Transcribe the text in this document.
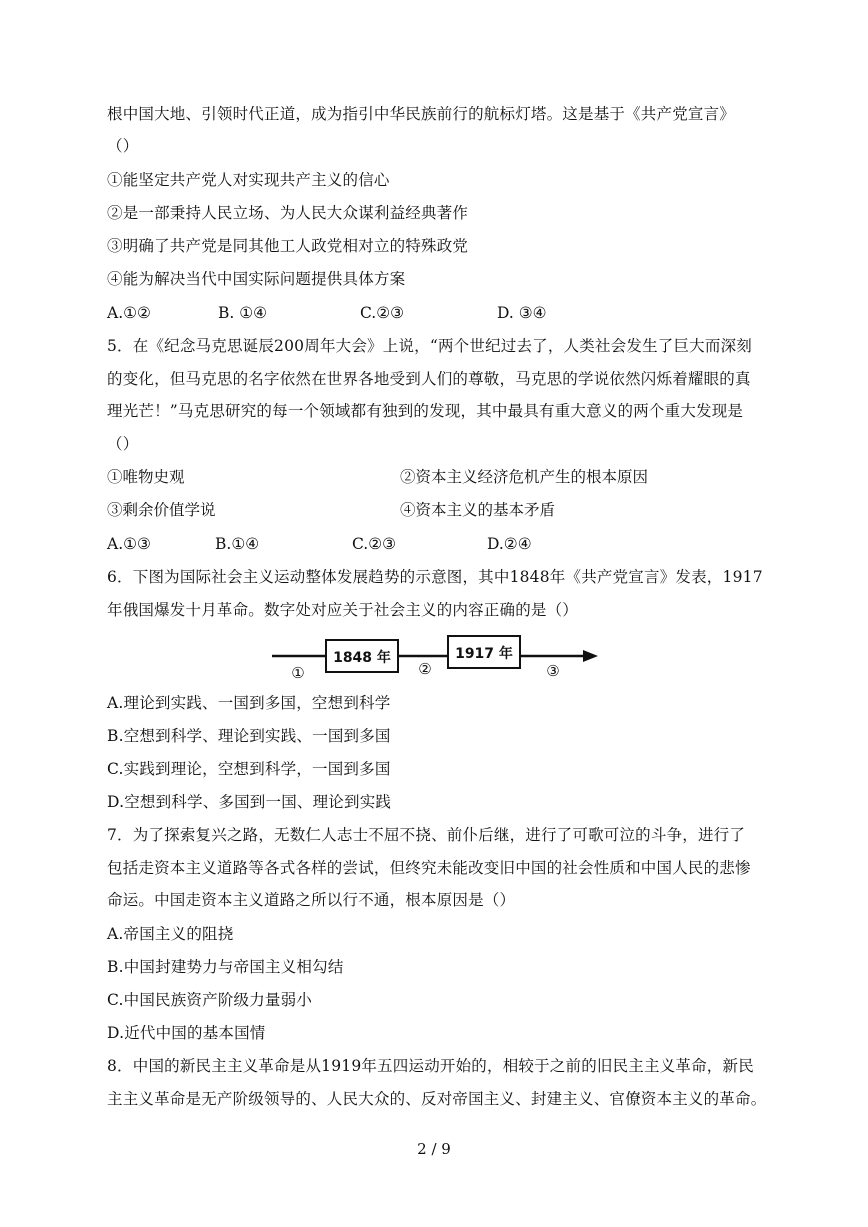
根中国大地、引领时代正道，成为指引中华民族前行的航标灯塔。这是基于《共产党宣言》
（）
①能坚定共产党人对实现共产主义的信心
②是一部秉持人民立场、为人民大众谋利益经典著作
③明确了共产党是同其他工人政党相对立的特殊政党
④能为解决当代中国实际问题提供具体方案
A.①②	B. ①④	C.②③	D. ③④
5．在《纪念马克思诞辰200周年大会》上说，“两个世纪过去了，人类社会发生了巨大而深刻
的变化，但马克思的名字依然在世界各地受到人们的尊敬，马克思的学说依然闪烁着耀眼的真
理光芒！”马克思研究的每一个领域都有独到的发现，其中最具有重大意义的两个重大发现是
（）
①唯物史观	②资本主义经济危机产生的根本原因
③剩余价值学说	④资本主义的基本矛盾
A.①③	B.①④	C.②③	D.②④
6．下图为国际社会主义运动整体发展趋势的示意图，其中1848年《共产党宣言》发表，1917
年俄国爆发十月革命。数字处对应关于社会主义的内容正确的是（）
1848 年	1917 年
①	②	③
A.理论到实践、一国到多国，空想到科学
B.空想到科学、理论到实践、一国到多国
C.实践到理论，空想到科学，一国到多国
D.空想到科学、多国到一国、理论到实践
7．为了探索复兴之路，无数仁人志士不屈不挠、前仆后继，进行了可歌可泣的斗争，进行了
包括走资本主义道路等各式各样的尝试，但终究未能改变旧中国的社会性质和中国人民的悲惨
命运。中国走资本主义道路之所以行不通，根本原因是（）
A.帝国主义的阻挠
B.中国封建势力与帝国主义相勾结
C.中国民族资产阶级力量弱小
D.近代中国的基本国情
8．中国的新民主主义革命是从1919年五四运动开始的，相较于之前的旧民主主义革命，新民
主主义革命是无产阶级领导的、人民大众的、反对帝国主义、封建主义、官僚资本主义的革命。
2 / 9
